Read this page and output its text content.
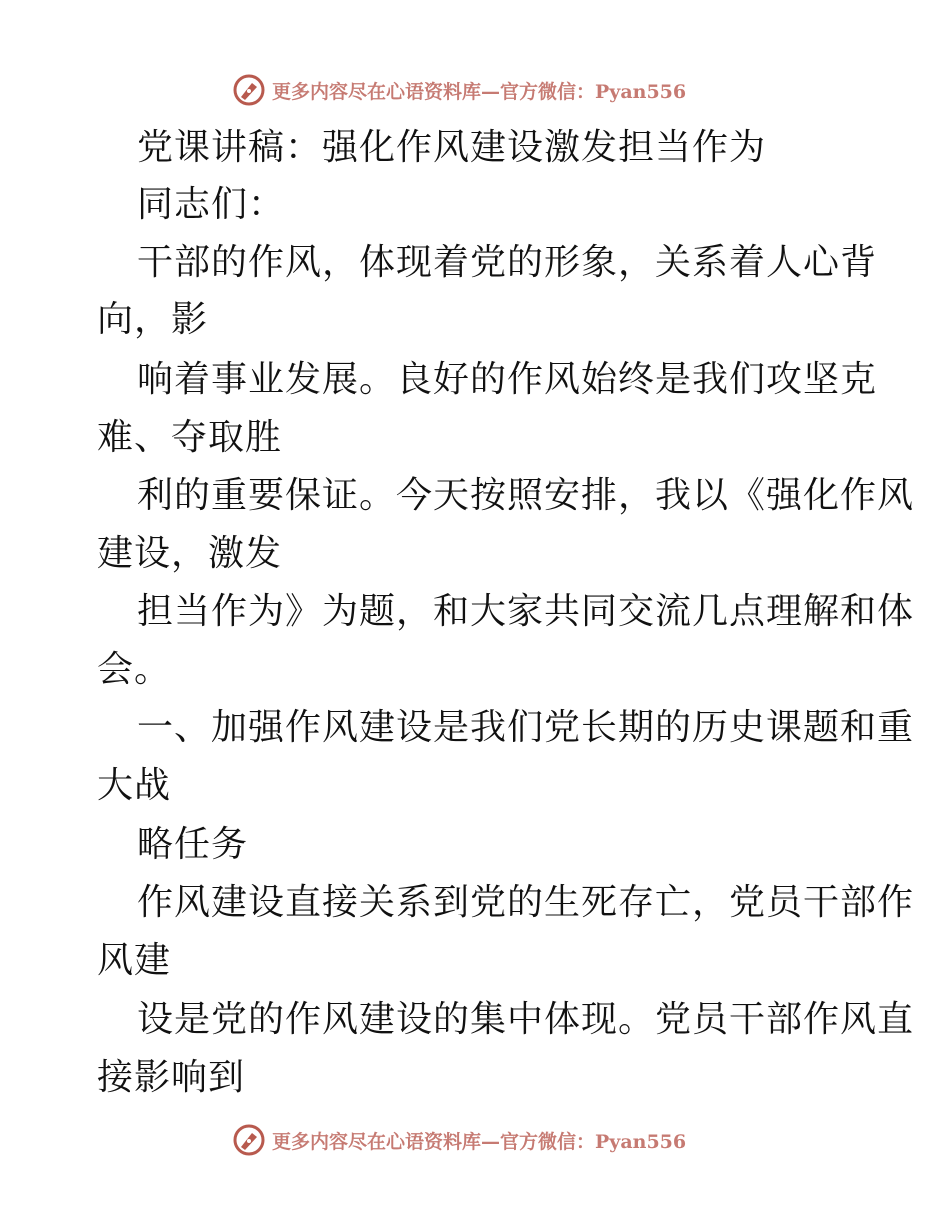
更多内容尽在心语资料库—官方微信：Pyan556
党课讲稿：强化作风建设激发担当作为
同志们：
干部的作风，体现着党的形象，关系着人心背
向，影
响着事业发展。良好的作风始终是我们攻坚克
难、夺取胜
利的重要保证。今天按照安排，我以《强化作风
建设，激发
担当作为》为题，和大家共同交流几点理解和体
会。
一、加强作风建设是我们党长期的历史课题和重
大战
略任务
作风建设直接关系到党的生死存亡，党员干部作
风建
设是党的作风建设的集中体现。党员干部作风直
接影响到
更多内容尽在心语资料库—官方微信：Pyan556
